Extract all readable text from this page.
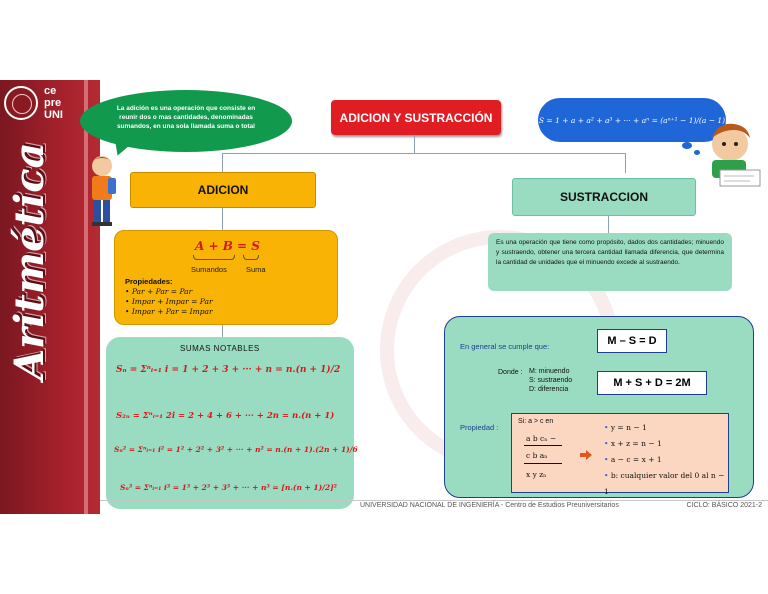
ce
pre
UNI
Aritmética
La adición es una operación que consiste en reunir dos o mas cantidades, denominadas sumandos, en una sola llamada suma o total
ADICION Y SUSTRACCIÓN	S = 1 + a + a² + a³ + ··· + aⁿ = (aⁿ⁺¹ − 1)/(a − 1)
ADICION
A + B = S
Sumandos	Suma
Propiedades:
• Par + Par = Par
• Impar + Impar = Par
• Impar + Par = Impar
SUMAS NOTABLES
Sₙ = Σⁿᵢ₌₁ i = 1 + 2 + 3 + ··· + n = n.(n + 1)/2
S₂ₙ = Σⁿᵢ₌₁ 2i = 2 + 4 + 6 + ··· + 2n = n.(n + 1)
Sₙ² = Σⁿᵢ₌₁ i² = 1² + 2² + 3² + ··· + n² = n.(n + 1).(2n + 1)/6
Sₙ³ = Σⁿᵢ₌₁ i³ = 1³ + 2³ + 3³ + ··· + n³ = [n.(n + 1)/2]²
SUSTRACCION
Es una operación que tiene como propósito, dados dos cantidades; minuendo y sustraendo, obtener una tercera cantidad llamada diferencia, que determina la cantidad de unidades que el minuendo excede al sustraendo.
En general se cumple que:	M – S = D
Donde : M: minuendo
S: sustraendo
D: diferencia
M + S + D = 2M
Propiedad :
Si: a > c en
a b cₙ −
c b aₙ
x y zₙ
• y = n − 1
• x + z = n − 1
• a − c = x + 1
• b: cualquier valor del 0 al n − 1
UNIVERSIDAD NACIONAL DE INGENIERÍA - Centro de Estudios Preuniversitarios	CICLO: BÁSICO 2021-2
